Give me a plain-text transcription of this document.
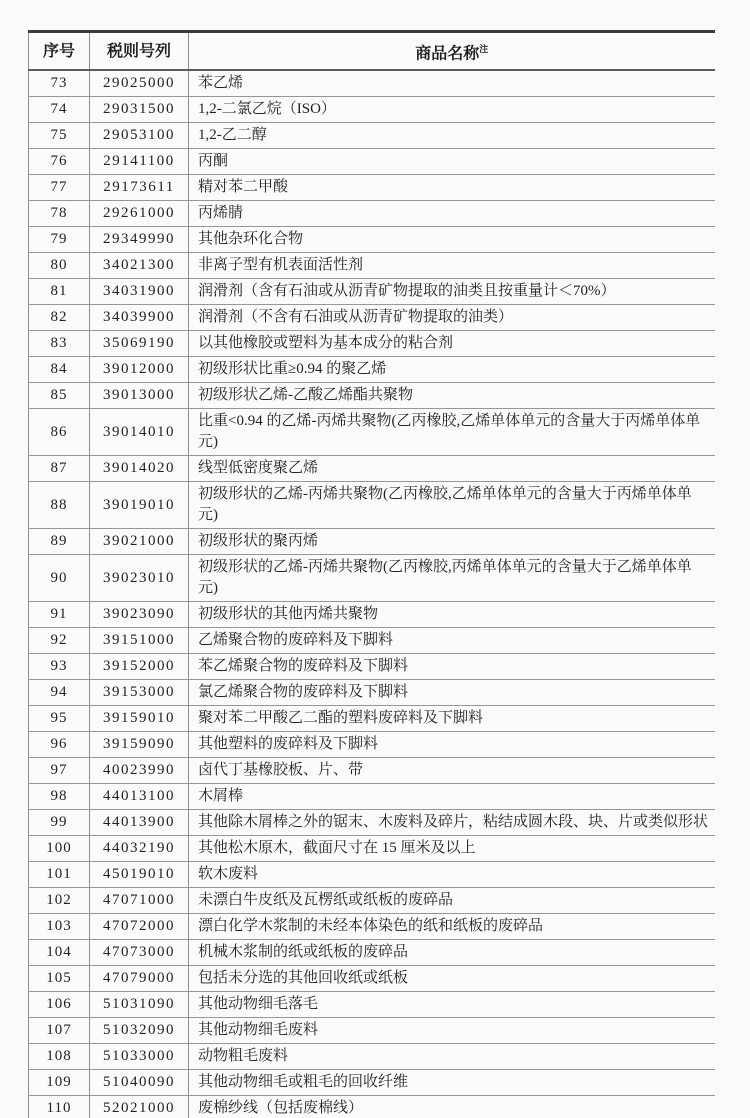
序号	税则号列	商品名称$^注$
73	29025000	苯乙烯
74	29031500	1,2-二氯乙烷（ISO）
75	29053100	1,2-乙二醇
76	29141100	丙酮
77	29173611	精对苯二甲酸
78	29261000	丙烯腈
79	29349990	其他杂环化合物
80	34021300	非离子型有机表面活性剂
81	34031900	润滑剂（含有石油或从沥青矿物提取的油类且按重量计＜70%）
82	34039900	润滑剂（不含有石油或从沥青矿物提取的油类）
83	35069190	以其他橡胶或塑料为基本成分的粘合剂
84	39012000	初级形状比重≥0.94 的聚乙烯
85	39013000	初级形状乙烯-乙酸乙烯酯共聚物
86	39014010	比重<0.94 的乙烯-丙烯共聚物(乙丙橡胶,乙烯单体单元的含量大于丙烯单体单元)
87	39014020	线型低密度聚乙烯
88	39019010	初级形状的乙烯-丙烯共聚物(乙丙橡胶,乙烯单体单元的含量大于丙烯单体单元)
89	39021000	初级形状的聚丙烯
90	39023010	初级形状的乙烯-丙烯共聚物(乙丙橡胶,丙烯单体单元的含量大于乙烯单体单元)
91	39023090	初级形状的其他丙烯共聚物
92	39151000	乙烯聚合物的废碎料及下脚料
93	39152000	苯乙烯聚合物的废碎料及下脚料
94	39153000	氯乙烯聚合物的废碎料及下脚料
95	39159010	聚对苯二甲酸乙二酯的塑料废碎料及下脚料
96	39159090	其他塑料的废碎料及下脚料
97	40023990	卤代丁基橡胶板、片、带
98	44013100	木屑棒
99	44013900	其他除木屑棒之外的锯末、木废料及碎片，粘结成圆木段、块、片或类似形状
100	44032190	其他松木原木，截面尺寸在 15 厘米及以上
101	45019010	软木废料
102	47071000	未漂白牛皮纸及瓦楞纸或纸板的废碎品
103	47072000	漂白化学木浆制的未经本体染色的纸和纸板的废碎品
104	47073000	机械木浆制的纸或纸板的废碎品
105	47079000	包括未分选的其他回收纸或纸板
106	51031090	其他动物细毛落毛
107	51032090	其他动物细毛废料
108	51033000	动物粗毛废料
109	51040090	其他动物细毛或粗毛的回收纤维
110	52021000	废棉纱线（包括废棉线）
